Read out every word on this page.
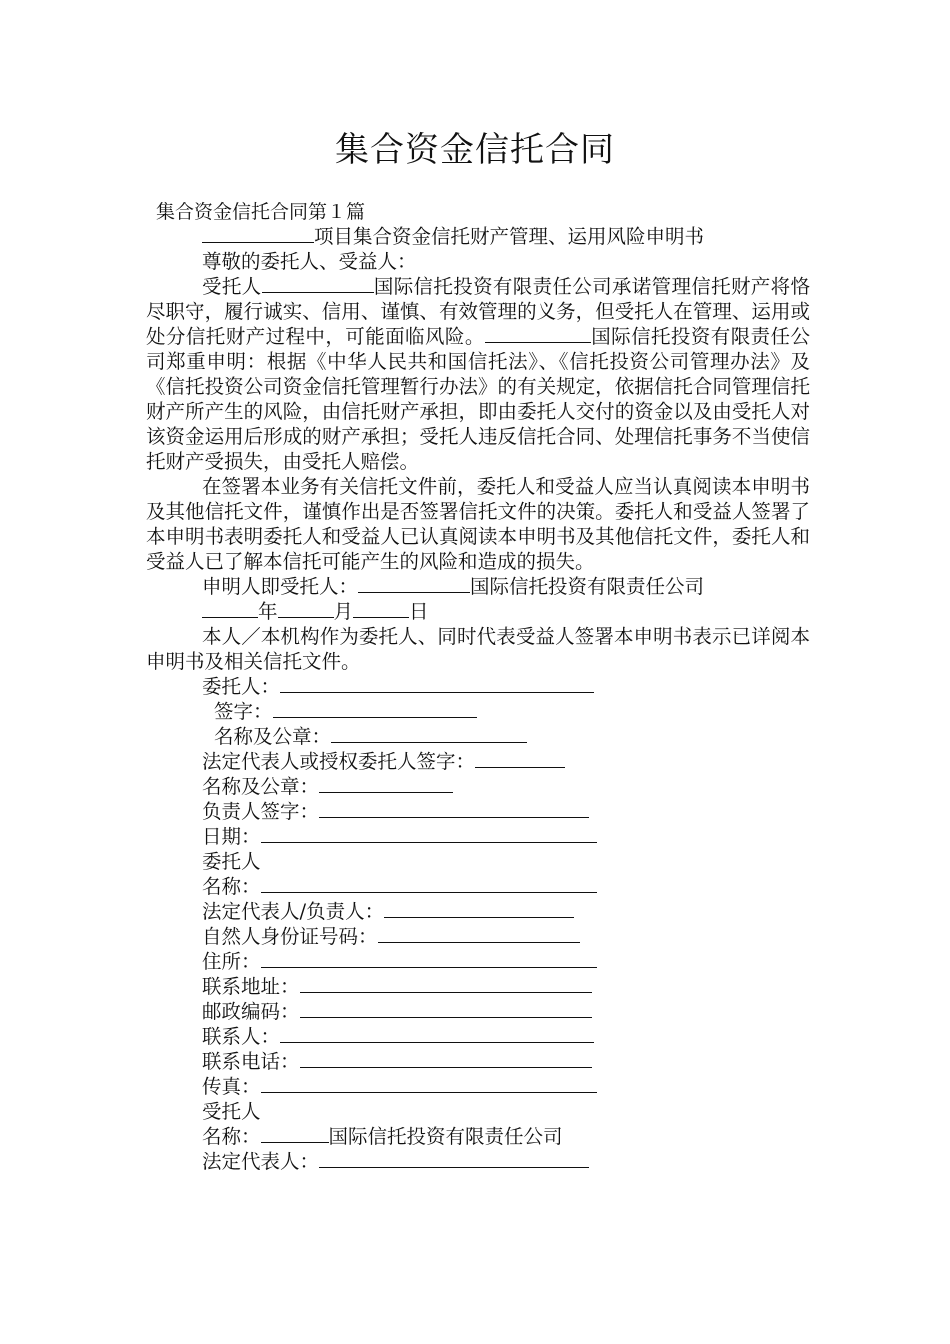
集合资金信托合同
集合资金信托合同第１篇

项目集合资金信托财产管理、运用风险申明书

尊敬的委托人、受益人：

受托人	国际信托投资有限责任公司承诺管理信托财产将恪尽职守，履行诚实、信用、谨慎、有效管理的义务，但受托人在管理、运用或处分信托财产过程中，可能面临风险。	国际信托投资有限责任公司郑重申明：根据《中华人民共和国信托法》、《信托投资公司管理办法》及《信托投资公司资金信托管理暂行办法》的有关规定，依据信托合同管理信托财产所产生的风险，由信托财产承担，即由委托人交付的资金以及由受托人对该资金运用后形成的财产承担；受托人违反信托合同、处理信托事务不当使信托财产受损失，由受托人赔偿。

在签署本业务有关信托文件前，委托人和受益人应当认真阅读本申明书及其他信托文件，谨慎作出是否签署信托文件的决策。委托人和受益人签署了本申明书表明委托人和受益人已认真阅读本申明书及其他信托文件，委托人和受益人已了解本信托可能产生的风险和造成的损失。

申明人即受托人：	国际信托投资有限责任公司

年	月	日

本人／本机构作为委托人、同时代表受益人签署本申明书表示已详阅本申明书及相关信托文件。

委托人：

签字：

名称及公章：

法定代表人或授权委托人签字：

名称及公章：

负责人签字：

日期：

委托人

名称：

法定代表人/负责人：

自然人身份证号码：

住所：

联系地址：

邮政编码：

联系人：

联系电话：

传真：

受托人

名称：	国际信托投资有限责任公司

法定代表人：
